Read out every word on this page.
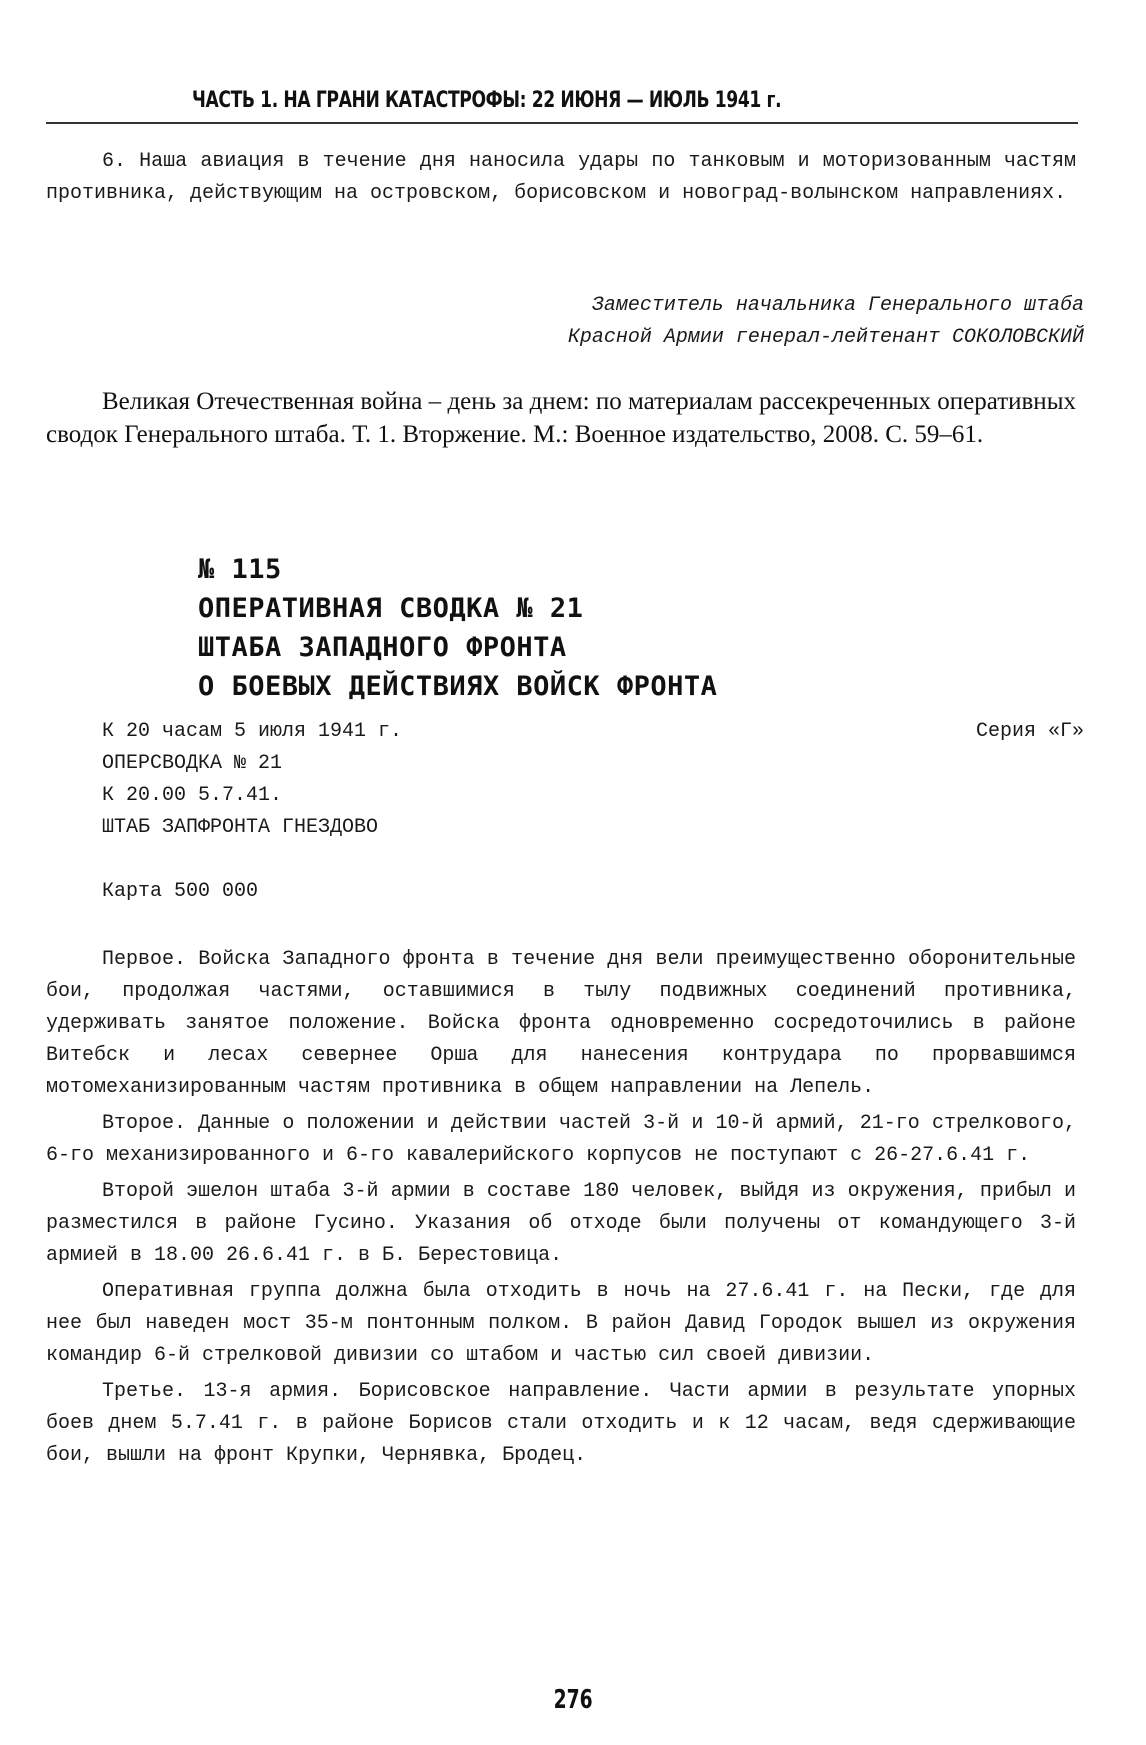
ЧАСТЬ 1. НА ГРАНИ КАТАСТРОФЫ: 22 ИЮНЯ — ИЮЛЬ 1941 г.

6. Наша авиация в течение дня наносила удары по танковым и моторизованным частям противника, действующим на островском, борисовском и новоград-волынском направлениях.

Заместитель начальника Генерального штаба
Красной Армии генерал-лейтенант СОКОЛОВСКИЙ

Великая Отечественная война – день за днем: по материалам рассекреченных оперативных сводок Генерального штаба. Т. 1. Вторжение. М.: Военное издательство, 2008. С. 59–61.

№ 115
ОПЕРАТИВНАЯ СВОДКА № 21
ШТАБА ЗАПАДНОГО ФРОНТА
О БОЕВЫХ ДЕЙСТВИЯХ ВОЙСК ФРОНТА
К 20 часам 5 июля 1941 г.	Серия «Г»
ОПЕРСВОДКА № 21
К 20.00 5.7.41.
ШТАБ ЗАПФРОНТА ГНЕЗДОВО
Карта 500 000

Первое. Войска Западного фронта в течение дня вели преимущественно оборонительные бои, продолжая частями, оставшимися в тылу подвижных соединений противника, удерживать занятое положение. Войска фронта одновременно сосредоточились в районе Витебск и лесах севернее Орша для нанесения контрудара по прорвавшимся мотомеханизированным частям противника в общем направлении на Лепель.

Второе. Данные о положении и действии частей 3-й и 10-й армий, 21-го стрелкового, 6-го механизированного и 6-го кавалерийского корпусов не поступают с 26-27.6.41 г.

Второй эшелон штаба 3-й армии в составе 180 человек, выйдя из окружения, прибыл и разместился в районе Гусино. Указания об отходе были получены от командующего 3-й армией в 18.00 26.6.41 г. в Б. Берестовица.

Оперативная группа должна была отходить в ночь на 27.6.41 г. на Пески, где для нее был наведен мост 35-м понтонным полком. В район Давид Городок вышел из окружения командир 6-й стрелковой дивизии со штабом и частью сил своей дивизии.

Третье. 13-я армия. Борисовское направление. Части армии в результате упорных боев днем 5.7.41 г. в районе Борисов стали отходить и к 12 часам, ведя сдерживающие бои, вышли на фронт Крупки, Чернявка, Бродец.

276
